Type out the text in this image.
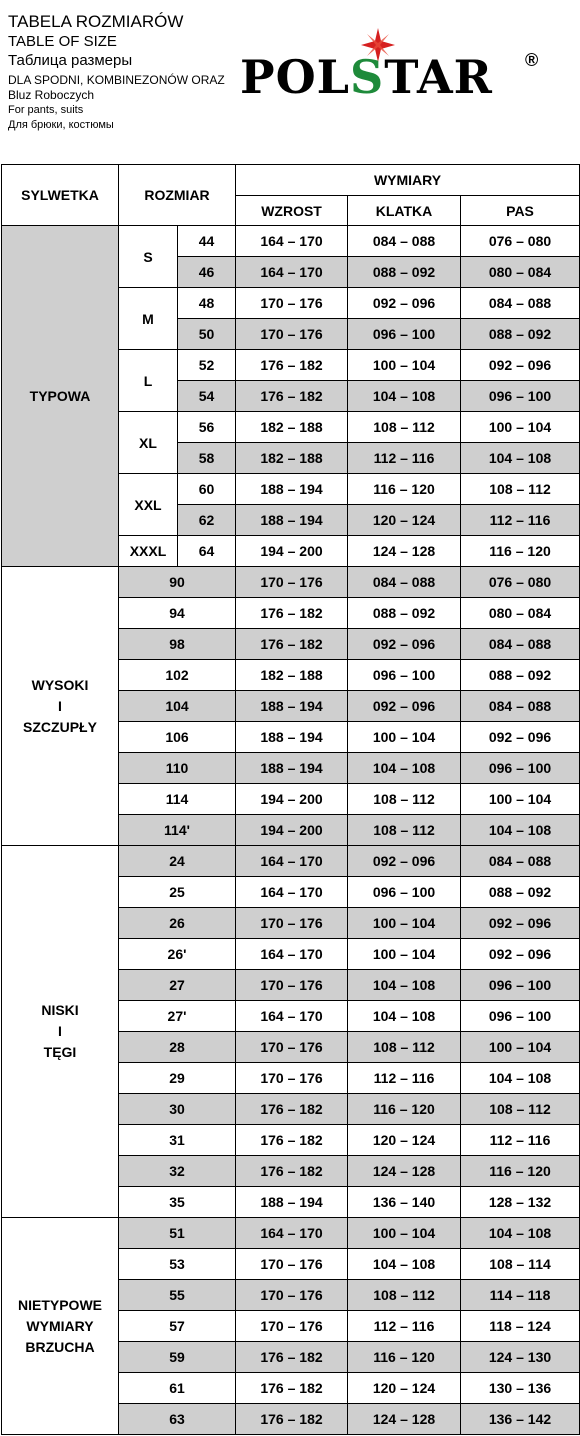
TABELA ROZMIARÓW
TABLE OF SIZE
Таблица размеры
DLA SPODNI, KOMBINEZONÓW ORAZ
Bluz Roboczych
For pants, suits
Для брюки, костюмы
POLSTAR ®
SYLWETKA	ROZMIAR		WYMIARY		
			WZROST	KLATKA	PAS
TYPOWA	S	44	164 – 170	084 – 088	076 – 080
		46	164 – 170	088 – 092	080 – 084
	M	48	170 – 176	092 – 096	084 – 088
		50	170 – 176	096 – 100	088 – 092
	L	52	176 – 182	100 – 104	092 – 096
		54	176 – 182	104 – 108	096 – 100
	XL	56	182 – 188	108 – 112	100 – 104
		58	182 – 188	112 – 116	104 – 108
	XXL	60	188 – 194	116 – 120	108 – 112
		62	188 – 194	120 – 124	112 – 116
	XXXL	64	194 – 200	124 – 128	116 – 120

WYSOKI
I
SZCZUPŁY	90		170 – 176	084 – 088	076 – 080
	94		176 – 182	088 – 092	080 – 084
	98		176 – 182	092 – 096	084 – 088
	102		182 – 188	096 – 100	088 – 092
	104		188 – 194	092 – 096	084 – 088
	106		188 – 194	100 – 104	092 – 096
	110		188 – 194	104 – 108	096 – 100
	114		194 – 200	108 – 112	100 – 104
	114'		194 – 200	108 – 112	104 – 108

NISKI
I
TĘGI	24		164 – 170	092 – 096	084 – 088
	25		164 – 170	096 – 100	088 – 092
	26		170 – 176	100 – 104	092 – 096
	26'		164 – 170	100 – 104	092 – 096
	27		170 – 176	104 – 108	096 – 100
	27'		164 – 170	104 – 108	096 – 100
	28		170 – 176	108 – 112	100 – 104
	29		170 – 176	112 – 116	104 – 108
	30		176 – 182	116 – 120	108 – 112
	31		176 – 182	120 – 124	112 – 116
	32		176 – 182	124 – 128	116 – 120
	35		188 – 194	136 – 140	128 – 132

NIETYPOWE
WYMIARY
BRZUCHA	51		164 – 170	100 – 104	104 – 108
	53		170 – 176	104 – 108	108 – 114
	55		170 – 176	108 – 112	114 – 118
	57		170 – 176	112 – 116	118 – 124
	59		176 – 182	116 – 120	124 – 130
	61		176 – 182	120 – 124	130 – 136
	63		176 – 182	124 – 128	136 – 142
